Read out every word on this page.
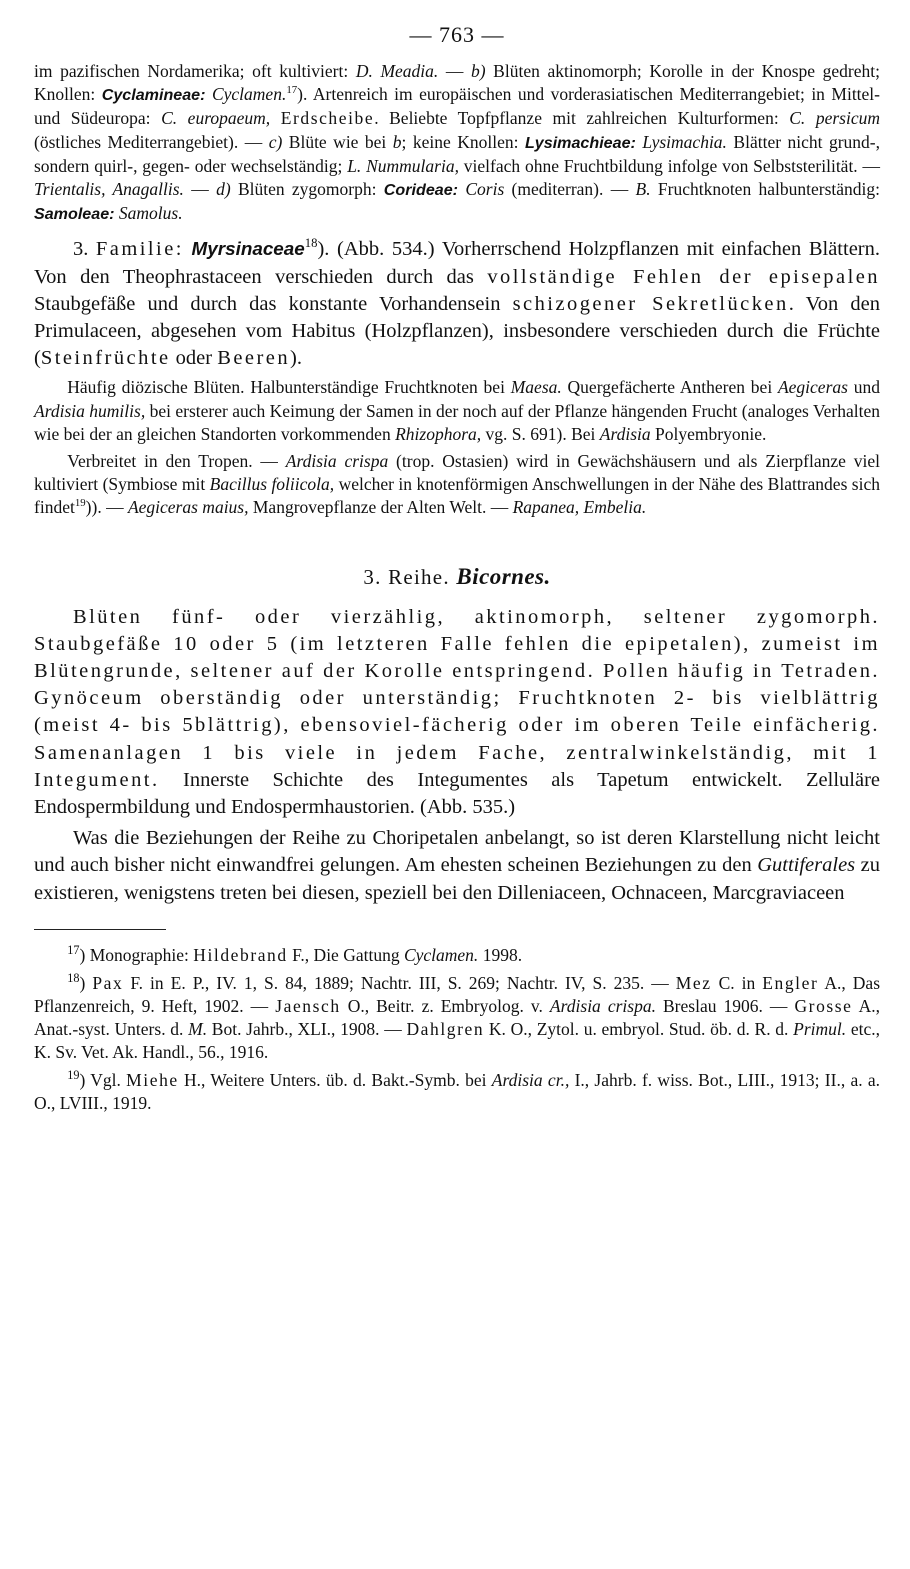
— 763 —

im pazifischen Nordamerika; oft kultiviert: D. Meadia. — b) Blüten aktinomorph; Korolle in der Knospe gedreht; Knollen: Cyclamineae: Cyclamen.$^{17}$). Artenreich im europäischen und vorderasiatischen Mediterrangebiet; in Mittel- und Südeuropa: C. europaeum, Erdscheibe. Beliebte Topfpflanze mit zahlreichen Kulturformen: C. persicum (östliches Mediterrangebiet). — c) Blüte wie bei b; keine Knollen: Lysimachieae: Lysimachia. Blätter nicht grund-, sondern quirl-, gegen- oder wechselständig; L. Nummularia, vielfach ohne Fruchtbildung infolge von Selbststerilität. — Trientalis, Anagallis. — d) Blüten zygomorph: Corideae: Coris (mediterran). — B. Fruchtknoten halbunterständig: Samoleae: Samolus.

3. Familie: Myrsinaceae$^{18}$). (Abb. 534.) Vorherrschend Holzpflanzen mit einfachen Blättern. Von den Theophrastaceen verschieden durch das vollständige Fehlen der episepalen Staubgefäße und durch das konstante Vorhandensein schizogener Sekretlücken. Von den Primulaceen, abgesehen vom Habitus (Holzpflanzen), insbesondere verschieden durch die Früchte (Steinfrüchte oder Beeren).

Häufig diözische Blüten. Halbunterständige Fruchtknoten bei Maesa. Quergefächerte Antheren bei Aegiceras und Ardisia humilis, bei ersterer auch Keimung der Samen in der noch auf der Pflanze hängenden Frucht (analoges Verhalten wie bei der an gleichen Standorten vorkommenden Rhizophora, vg. S. 691). Bei Ardisia Polyembryonie.

Verbreitet in den Tropen. — Ardisia crispa (trop. Ostasien) wird in Gewächshäusern und als Zierpflanze viel kultiviert (Symbiose mit Bacillus foliicola, welcher in knotenförmigen Anschwellungen in der Nähe des Blattrandes sich findet$^{19}$)). — Aegiceras maius, Mangrovepflanze der Alten Welt. — Rapanea, Embelia.

3. Reihe. Bicornes.

Blüten fünf- oder vierzählig, aktinomorph, seltener zygomorph. Staubgefäße 10 oder 5 (im letzteren Falle fehlen die epipetalen), zumeist im Blütengrunde, seltener auf der Korolle entspringend. Pollen häufig in Tetraden. Gynöceum oberständig oder unterständig; Fruchtknoten 2- bis vielblättrig (meist 4- bis 5blättrig), ebensoviel-fächerig oder im oberen Teile einfächerig. Samenanlagen 1 bis viele in jedem Fache, zentralwinkelständig, mit 1 Integument. Innerste Schichte des Integumentes als Tapetum entwickelt. Zelluläre Endospermbildung und Endospermhaustorien. (Abb. 535.)

Was die Beziehungen der Reihe zu Choripetalen anbelangt, so ist deren Klarstellung nicht leicht und auch bisher nicht einwandfrei gelungen. Am ehesten scheinen Beziehungen zu den Guttiferales zu existieren, wenigstens treten bei diesen, speziell bei den Dilleniaceen, Ochnaceen, Marcgraviaceen

$^{17}$) Monographie: Hildebrand F., Die Gattung Cyclamen. 1998.

$^{18}$) Pax F. in E. P., IV. 1, S. 84, 1889; Nachtr. III, S. 269; Nachtr. IV, S. 235. — Mez C. in Engler A., Das Pflanzenreich, 9. Heft, 1902. — Jaensch O., Beitr. z. Embryolog. v. Ardisia crispa. Breslau 1906. — Grosse A., Anat.-syst. Unters. d. M. Bot. Jahrb., XLI., 1908. — Dahlgren K. O., Zytol. u. embryol. Stud. öb. d. R. d. Primul. etc., K. Sv. Vet. Ak. Handl., 56., 1916.

$^{19}$) Vgl. Miehe H., Weitere Unters. üb. d. Bakt.-Symb. bei Ardisia cr., I., Jahrb. f. wiss. Bot., LIII., 1913; II., a. a. O., LVIII., 1919.
